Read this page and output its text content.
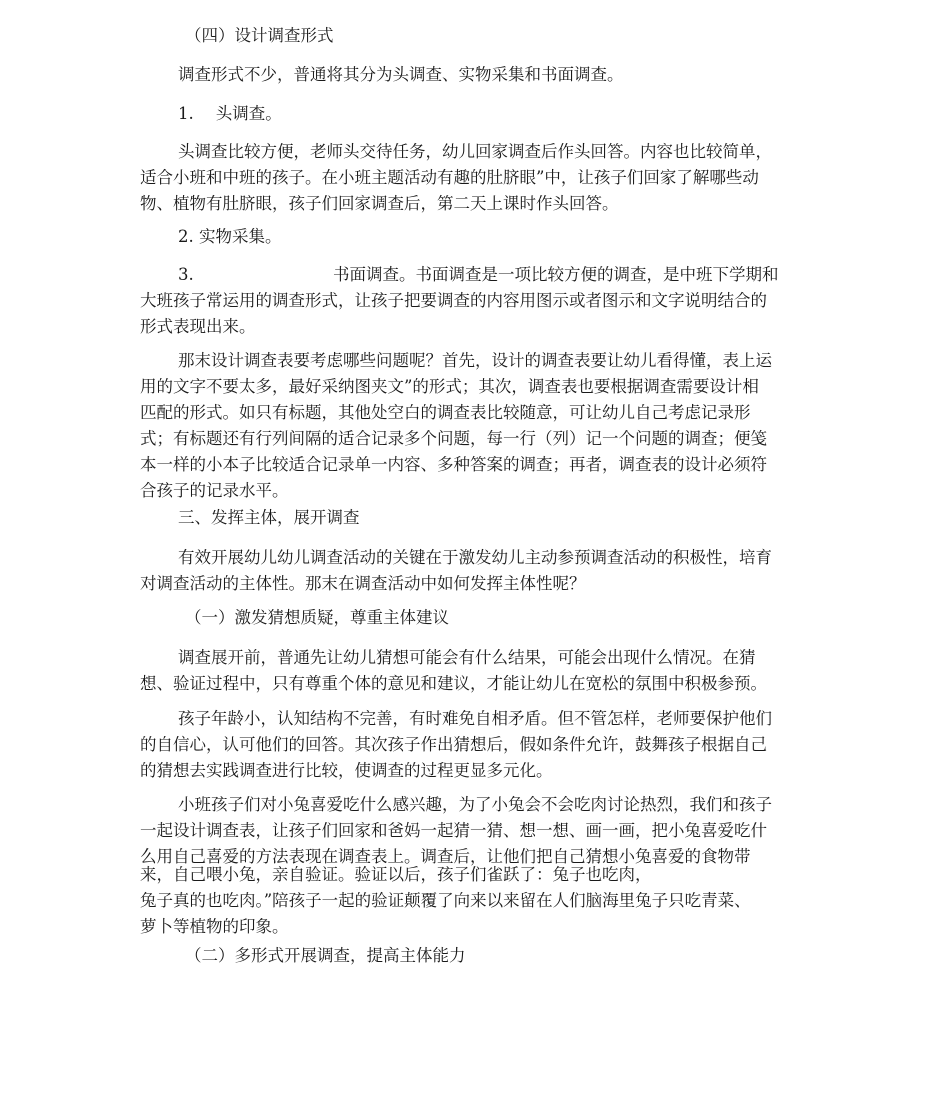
（四）设计调查形式
调查形式不少，普通将其分为头调查、实物采集和书面调查。
1. 头调查。
头调查比较方便，老师头交待任务，幼儿回家调查后作头回答。内容也比较简单，
适合小班和中班的孩子。在小班主题活动有趣的肚脐眼”中，让孩子们回家了解哪些动
物、植物有肚脐眼，孩子们回家调查后，第二天上课时作头回答。
2. 实物采集。
3.	书面调查。书面调查是一项比较方便的调查，是中班下学期和
大班孩子常运用的调查形式，让孩子把要调查的内容用图示或者图示和文字说明结合的
形式表现出来。
那末设计调查表要考虑哪些问题呢？首先，设计的调查表要让幼儿看得懂，表上运
用的文字不要太多，最好采纳图夹文”的形式；其次，调查表也要根据调查需要设计相
匹配的形式。如只有标题，其他处空白的调查表比较随意，可让幼儿自己考虑记录形
式；有标题还有行列间隔的适合记录多个问题，每一行（列）记一个问题的调查；便笺
本一样的小本子比较适合记录单一内容、多种答案的调查；再者，调查表的设计必须符
合孩子的记录水平。
三、发挥主体，展开调查
有效开展幼儿幼儿调查活动的关键在于激发幼儿主动参预调查活动的积极性，培育
对调查活动的主体性。那末在调查活动中如何发挥主体性呢？
（一）激发猜想质疑，尊重主体建议
调查展开前，普通先让幼儿猜想可能会有什么结果，可能会出现什么情况。在猜
想、验证过程中，只有尊重个体的意见和建议，才能让幼儿在宽松的氛围中积极参预。
孩子年龄小，认知结构不完善，有时难免自相矛盾。但不管怎样，老师要保护他们
的自信心，认可他们的回答。其次孩子作出猜想后，假如条件允许，鼓舞孩子根据自己
的猜想去实践调查进行比较，使调查的过程更显多元化。
小班孩子们对小兔喜爱吃什么感兴趣，为了小兔会不会吃肉讨论热烈，我们和孩子
一起设计调查表，让孩子们回家和爸妈一起猜一猜、想一想、画一画，把小兔喜爱吃什
么用自己喜爱的方法表现在调查表上。调查后，让他们把自己猜想小兔喜爱的食物带
来，自己喂小兔，亲自验证。验证以后，孩子们雀跃了：兔子也吃肉，
兔子真的也吃肉。”陪孩子一起的验证颠覆了向来以来留在人们脑海里兔子只吃青菜、
萝卜等植物的印象。
（二）多形式开展调查，提高主体能力
